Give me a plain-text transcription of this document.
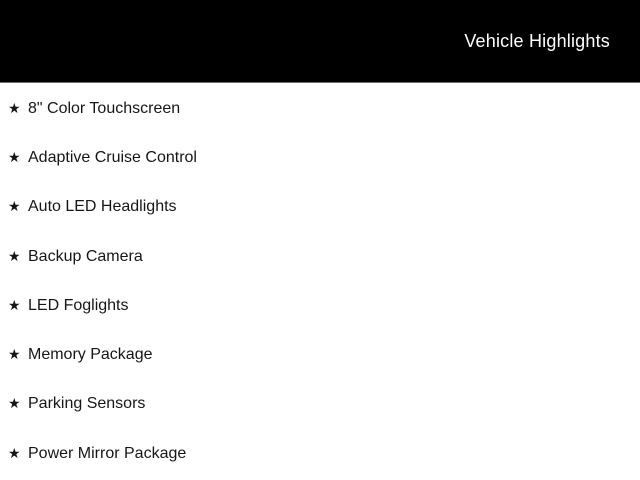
Vehicle Highlights
★ 8" Color Touchscreen
★ Adaptive Cruise Control
★ Auto LED Headlights
★ Backup Camera
★ LED Foglights
★ Memory Package
★ Parking Sensors
★ Power Mirror Package
